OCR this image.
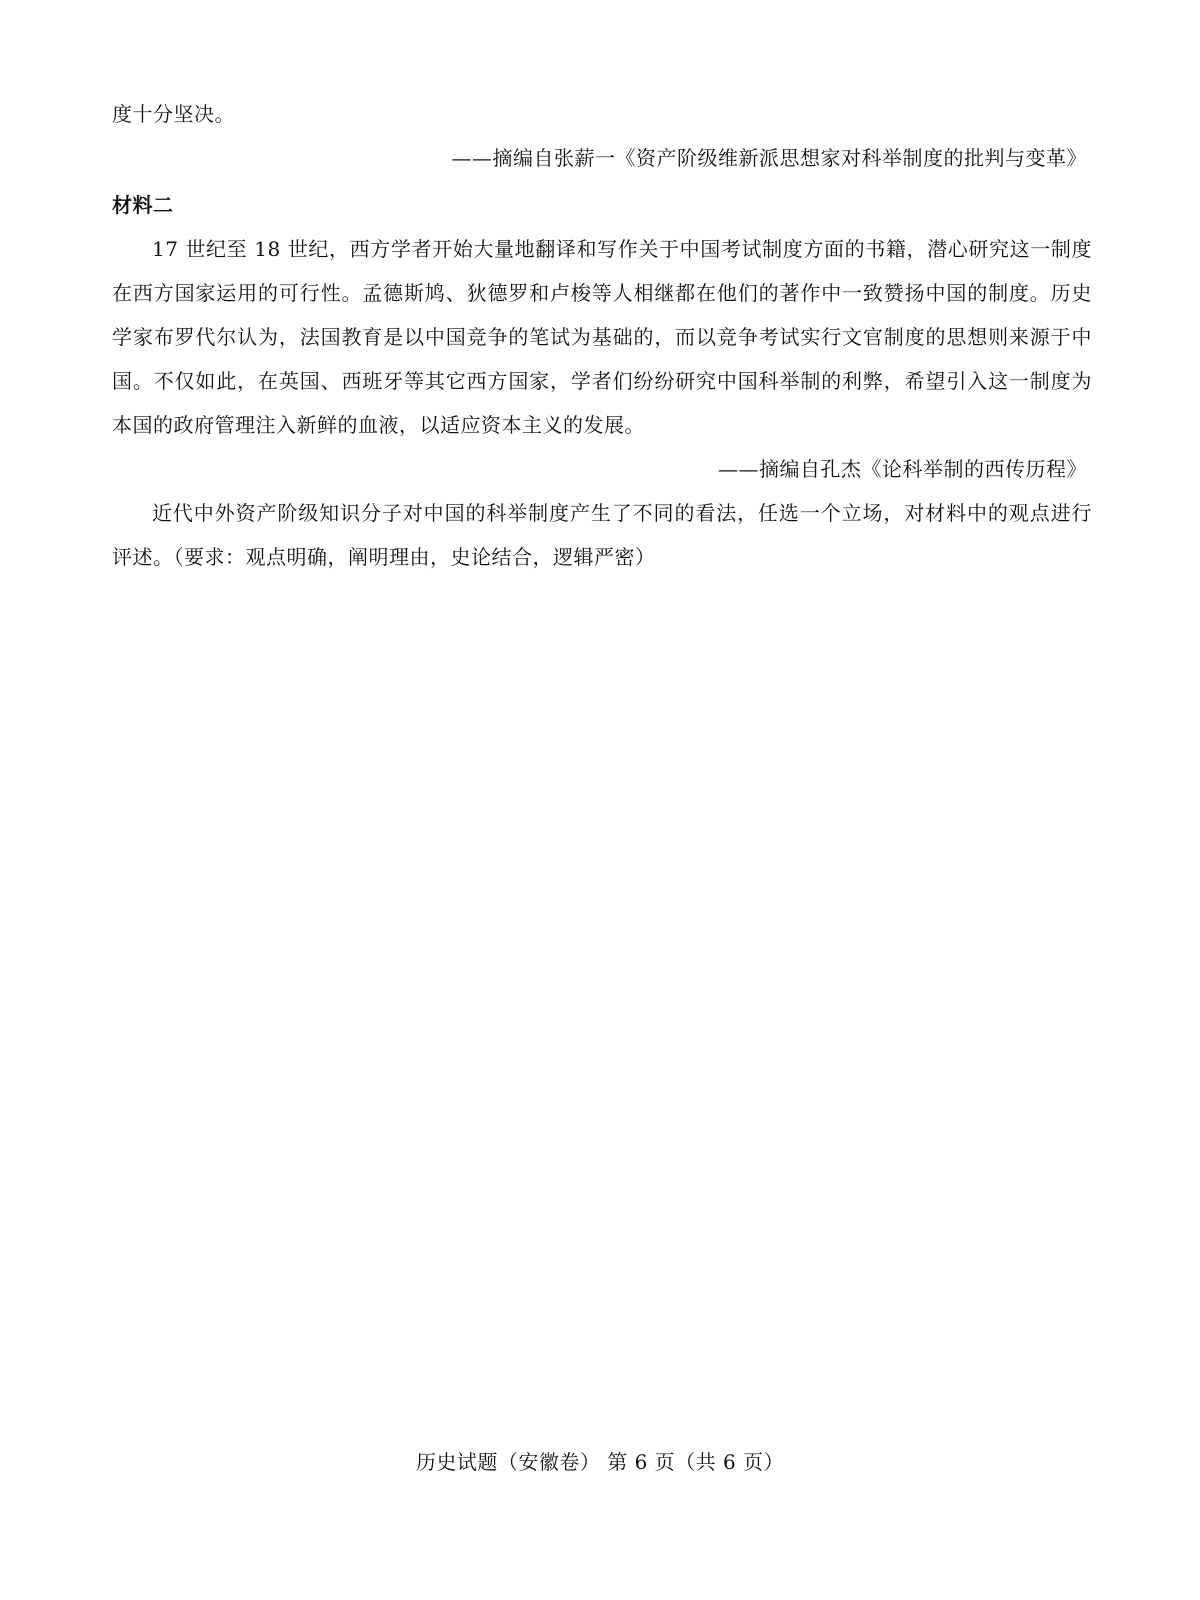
度十分坚决。
——摘编自张薪一《资产阶级维新派思想家对科举制度的批判与变革》
材料二
17 世纪至 18 世纪，西方学者开始大量地翻译和写作关于中国考试制度方面的书籍，潜心研究这一制度
在西方国家运用的可行性。孟德斯鸠、狄德罗和卢梭等人相继都在他们的著作中一致赞扬中国的制度。历史
学家布罗代尔认为，法国教育是以中国竞争的笔试为基础的，而以竞争考试实行文官制度的思想则来源于中
国。不仅如此，在英国、西班牙等其它西方国家，学者们纷纷研究中国科举制的利弊，希望引入这一制度为
本国的政府管理注入新鲜的血液，以适应资本主义的发展。
——摘编自孔杰《论科举制的西传历程》
近代中外资产阶级知识分子对中国的科举制度产生了不同的看法，任选一个立场，对材料中的观点进行
评述。（要求：观点明确，阐明理由，史论结合，逻辑严密）
历史试题（安徽卷） 第 6 页（共 6 页）
